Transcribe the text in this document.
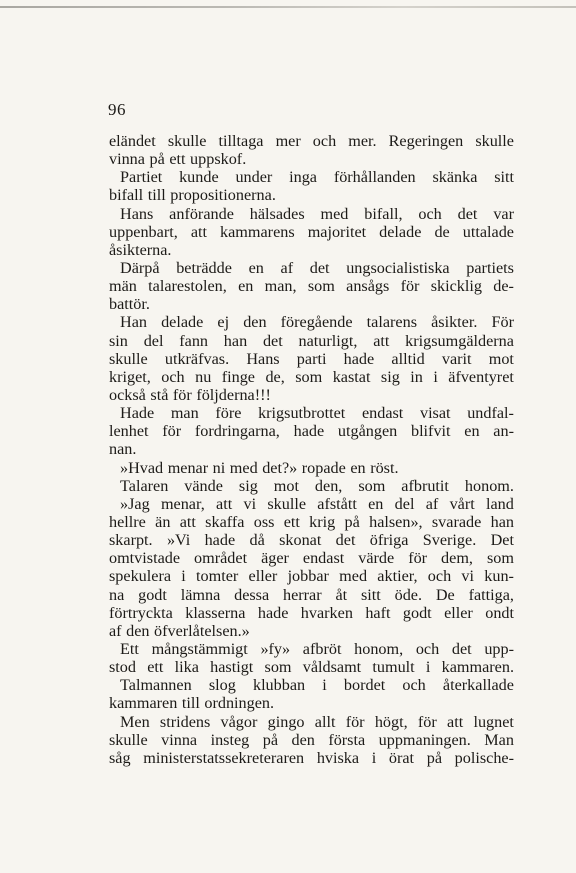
96
eländet skulle tilltaga mer och mer. Regeringen skulle
vinna på ett uppskof.
Partiet kunde under inga förhållanden skänka sitt
bifall till propositionerna.
Hans anförande hälsades med bifall, och det var
uppenbart, att kammarens majoritet delade de uttalade
åsikterna.
Därpå beträdde en af det ungsocialistiska partiets
män talarestolen, en man, som ansågs för skicklig de-
battör.
Han delade ej den föregående talarens åsikter. För
sin del fann han det naturligt, att krigsumgälderna
skulle utkräfvas. Hans parti hade alltid varit mot
kriget, och nu finge de, som kastat sig in i äfventyret
också stå för följderna!!!
Hade man före krigsutbrottet endast visat undfal-
lenhet för fordringarna, hade utgången blifvit en an-
nan.
»Hvad menar ni med det?» ropade en röst.
Talaren vände sig mot den, som afbrutit honom.
»Jag menar, att vi skulle afstått en del af vårt land
hellre än att skaffa oss ett krig på halsen», svarade han
skarpt. »Vi hade då skonat det öfriga Sverige. Det
omtvistade området äger endast värde för dem, som
spekulera i tomter eller jobbar med aktier, och vi kun-
na godt lämna dessa herrar åt sitt öde. De fattiga,
förtryckta klasserna hade hvarken haft godt eller ondt
af den öfverlåtelsen.»
Ett mångstämmigt »fy» afbröt honom, och det upp-
stod ett lika hastigt som våldsamt tumult i kammaren.
Talmannen slog klubban i bordet och återkallade
kammaren till ordningen.
Men stridens vågor gingo allt för högt, för att lugnet
skulle vinna insteg på den första uppmaningen. Man
såg ministerstatssekreteraren hviska i örat på polische-
